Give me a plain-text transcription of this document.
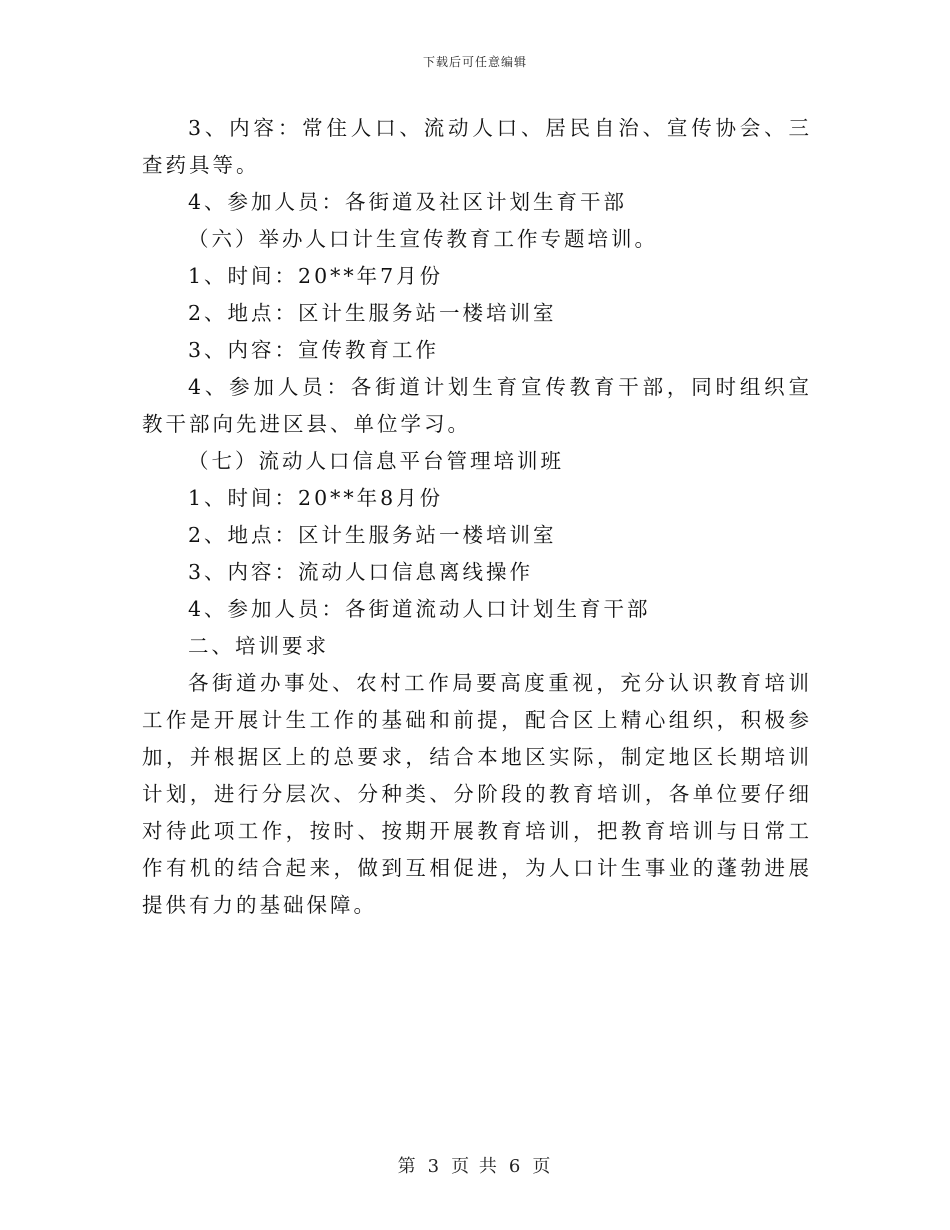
下载后可任意编辑

3、内容：常住人口、流动人口、居民自治、宣传协会、三查药具等。

4、参加人员：各街道及社区计划生育干部

（六）举办人口计生宣传教育工作专题培训。

1、时间：20**年7月份

2、地点：区计生服务站一楼培训室

3、内容：宣传教育工作

4、参加人员：各街道计划生育宣传教育干部，同时组织宣教干部向先进区县、单位学习。

（七）流动人口信息平台管理培训班

1、时间：20**年8月份

2、地点：区计生服务站一楼培训室

3、内容：流动人口信息离线操作

4、参加人员：各街道流动人口计划生育干部

二、培训要求

各街道办事处、农村工作局要高度重视，充分认识教育培训工作是开展计生工作的基础和前提，配合区上精心组织，积极参加，并根据区上的总要求，结合本地区实际，制定地区长期培训计划，进行分层次、分种类、分阶段的教育培训，各单位要仔细对待此项工作，按时、按期开展教育培训，把教育培训与日常工作有机的结合起来，做到互相促进，为人口计生事业的蓬勃进展提供有力的基础保障。

第 3 页 共 6 页
